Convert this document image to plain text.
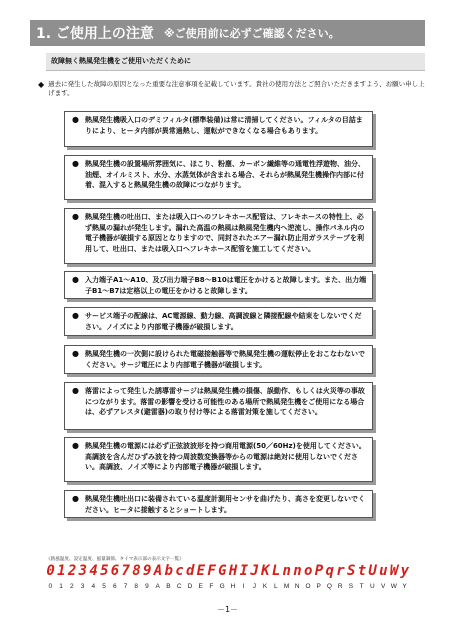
1. ご使用上の注意 ※ご使用前に必ずご確認ください。
故障無く熱風発生機をご使用いただくために
◆ 過去に発生した故障の原因となった重要な注意事項を記載しています。貴社の使用方法とご照合いただきますよう、お願い申し上げます。
● 熱風発生機吸入口のデミフィルタ(標準装備)は常に清掃してください。フィルタの目詰まりにより、ヒータ内部が異常過熱し、運転ができなくなる場合もあります。
● 熱風発生機の設置場所雰囲気に、ほこり、粉塵、カーボン繊維等の通電性浮遊物、油分、油煙、オイルミスト、水分、水蒸気体が含まれる場合、それらが熱風発生機操作内部に付着、混入すると熱風発生機の故障につながります。
● 熱風発生機の吐出口、または吸入口へのフレキホース配管は、フレキホースの特性上、必ず熱風の漏れが発生します。漏れた高温の熱風は熱風発生機内へ逆流し、操作パネル内の電子機器が破損する原因となりますので、同封されたエアー漏れ防止用ガラステープを利用して、吐出口、または吸入口へフレキホース配管を施工してください。
● 入力端子A1～A10、及び出力端子B8～B10は電圧をかけると故障します。また、出力端子B1～B7は定格以上の電圧をかけると故障します。
● サービス端子の配線は、AC電源線、動力線、高調波線と隣接配線や結束をしないでください。ノイズにより内部電子機器が破損します。
● 熱風発生機の一次側に設けられた電磁接触器等で熱風発生機の運転停止をおこなわないでください。サージ電圧により内部電子機器が破損します。
● 落雷によって発生した誘導雷サージは熱風発生機の損傷、誤動作、もしくは火災等の事故につながります。落雷の影響を受ける可能性のある場所で熱風発生機をご使用になる場合は、必ずアレスタ(避雷器)の取り付け等による落雷対策を施してください。
● 熱風発生機の電源には必ず正弦波波形を持つ商用電源(50／60Hz)を使用してください。高調波を含んだひずみ波を持つ周波数変換器等からの電源は絶対に使用しないでください。高調波、ノイズ等により内部電子機器が破損します。
● 熱風発生機吐出口に装備されている温度計測用センサを曲げたり、高さを変更しないでください。ヒータに接触するとショートします。
《熱風温度、設定温度、風量調節、タイマ表示部の表示文字一覧》
0 1 2 3 4 5 6 7 8 9 A b c d E F G H I J K L n n o P q r S t U u W y
0	1	2	3	4	5	6	7	8	9	A B C D E	F G H	I	J	K	L M N O P Q R S	T U V W Y
－1－
